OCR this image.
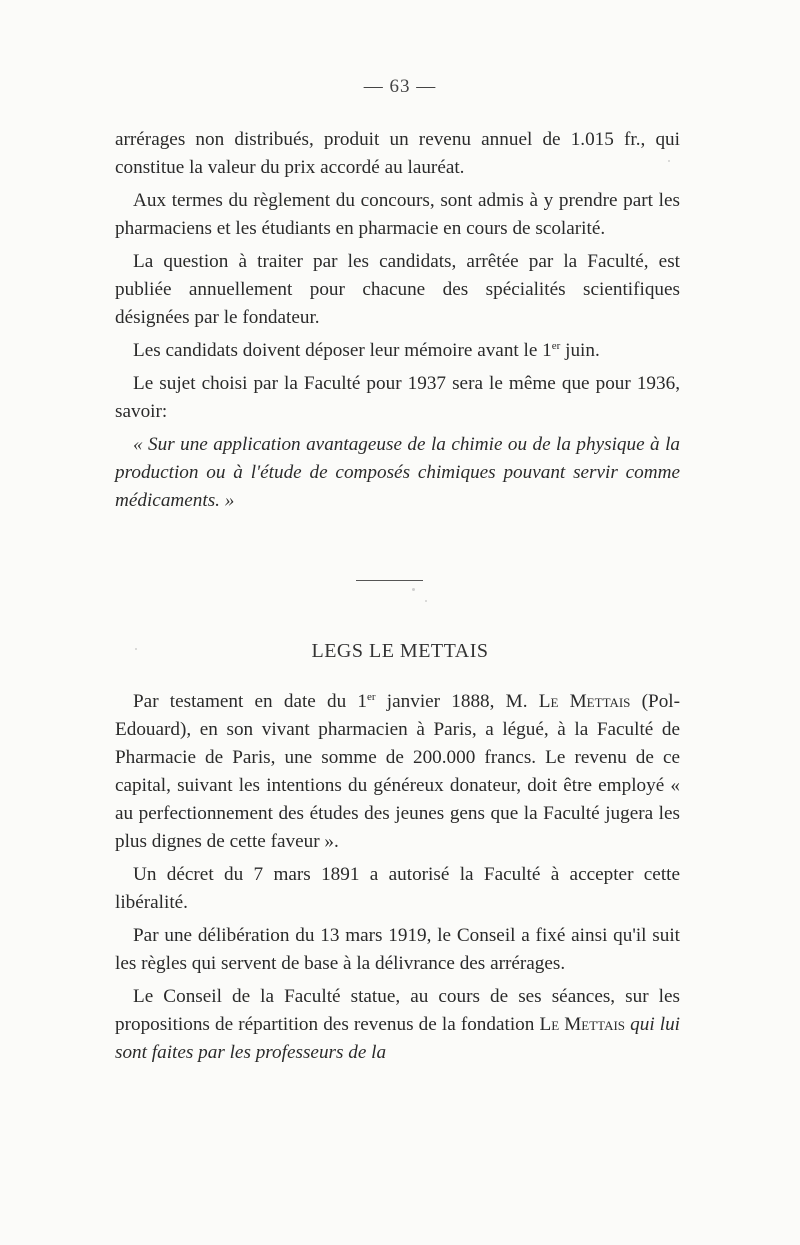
— 63 —

arrérages non distribués, produit un revenu annuel de 1.015 fr., qui constitue la valeur du prix accordé au lauréat.

Aux termes du règlement du concours, sont admis à y prendre part les pharmaciens et les étudiants en pharmacie en cours de scolarité.

La question à traiter par les candidats, arrêtée par la Faculté, est publiée annuellement pour chacune des spécialités scientifiques désignées par le fondateur.

Les candidats doivent déposer leur mémoire avant le 1er juin.

Le sujet choisi par la Faculté pour 1937 sera le même que pour 1936, savoir:

« Sur une application avantageuse de la chimie ou de la physique à la production ou à l'étude de composés chimiques pouvant servir comme médicaments. »

LEGS LE METTAIS

Par testament en date du 1er janvier 1888, M. Le Mettais (Pol-Edouard), en son vivant pharmacien à Paris, a légué, à la Faculté de Pharmacie de Paris, une somme de 200.000 francs. Le revenu de ce capital, suivant les intentions du généreux donateur, doit être employé « au perfectionnement des études des jeunes gens que la Faculté jugera les plus dignes de cette faveur ».

Un décret du 7 mars 1891 a autorisé la Faculté à accepter cette libéralité.

Par une délibération du 13 mars 1919, le Conseil a fixé ainsi qu'il suit les règles qui servent de base à la délivrance des arrérages.

Le Conseil de la Faculté statue, au cours de ses séances, sur les propositions de répartition des revenus de la fondation Le Mettais qui lui sont faites par les professeurs de la
